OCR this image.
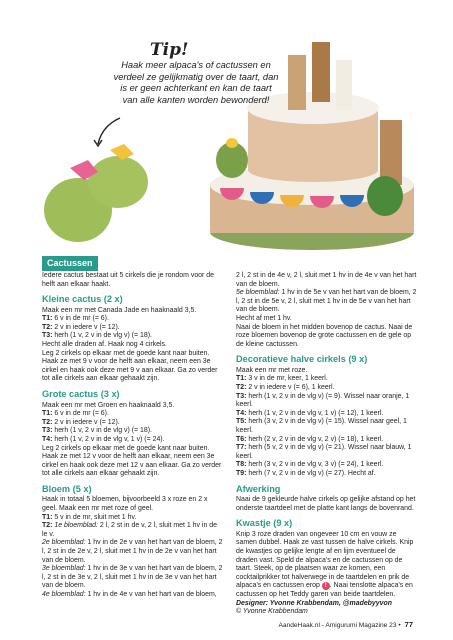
Tip!
Haak meer alpaca's of cactussen en verdeel ze gelijkmatig over de taart, dan is er geen achterkant en kan de taart van alle kanten worden bewonderd!
Cactussen

Iedere cactus bestaat uit 5 cirkels die je rondom voor de helft aan elkaar haakt.

Kleine cactus (2 x)

Maak een mr met Canada Jade en haaknaald 3,5.

T1: 6 v in de mr (= 6).

T2: 2 v in iedere v (= 12).

T3: herh (1 v, 2 v in de vlg v) (= 18).

Hecht alle draden af. Haak nog 4 cirkels.

Leg 2 cirkels op elkaar met de goede kant naar buiten. Haak ze met 9 v voor de helft aan elkaar, neem een 3e cirkel en haak ook deze met 9 v aan elkaar. Ga zo verder tot alle cirkels aan elkaar gehaakt zijn.

Grote cactus (3 x)

Maak een mr met Groen en haaknaald 3,5.

T1: 6 v in de mr (= 6).

T2: 2 v in iedere v (= 12).

T3: herh (1 v, 2 v in de vlg v) (= 18).

T4: herh (1 v, 2 v in de vlg v, 1 v) (= 24).

Leg 2 cirkels op elkaar met de goede kant naar buiten. Haak ze met 12 v voor de helft aan elkaar, neem een 3e cirkel en haak ook deze met 12 v aan elkaar. Ga zo verder tot alle cirkels aan elkaar gehaakt zijn.

Bloem (5 x)

Haak in totaal 5 bloemen, bijvoorbeeld 3 x roze en 2 x geel. Maak een mr met roze of geel.

T1: 5 v in de mr, sluit met 1 hv.

T2: 1e bloemblad: 2 l, 2 st in de v, 2 l, sluit met 1 hv in de le v.

2e bloemblad: 1 hv in de 2e v van het hart van de bloem, 2 l, 2 st in de 2e v, 2 l, sluit met 1 hv in de 2e v van het hart van de bloem.

3e bloemblad: 1 hv in de 3e v van het hart van de bloem, 2 l, 2 st in de 3e v, 2 l, sluit met 1 hv in de 3e v van het hart van de bloem.

4e bloemblad: 1 hv in de 4e v van het hart van de bloem,

2 l, 2 st in de 4e v, 2 l, sluit met 1 hv in de 4e v van het hart van de bloem.

5e bloemblad: 1 hv in de 5e v van het hart van de bloem, 2 l, 2 st in de 5e v, 2 l, sluit met 1 hv in de 5e v van het hart van de bloem.

Hecht af met 1 hv.

Naai de bloem in het midden bovenop de cactus. Naai de roze bloemen bovenop de grote cactussen en de gele op de kleine cactussen.

Decoratieve halve cirkels (9 x)

Maak een mr met roze.

T1: 3 v in de mr, keer, 1 keerl.

T2: 2 v in iedere v (= 6), 1 keerl.

T3: herh (1 v, 2 v in de vlg v) (= 9). Wissel naar oranje, 1 keerl.

T4: herh (1 v, 2 v in de vlg v, 1 v) (= 12), 1 keerl.

T5: herh (3 v, 2 v in de vlg v) (= 15). Wissel naar geel, 1 keerl.

T6: herh (2 v, 2 v in de vlg v, 2 v) (= 18), 1 keerl.

T7: herh (5 v, 2 v in de vlg v) (= 21). Wissel naar blauw, 1 keerl.

T8: herh (3 v, 2 v in de vlg v, 3 v) (= 24), 1 keerl.

T9: herh (7 v, 2 v in de vlg v) (= 27). Hecht af.

Afwerking

Naai de 9 gekleurde halve cirkels op gelijke afstand op het onderste taartdeel met de platte kant langs de bovenrand.

Kwastje (9 x)

Knip 3 roze draden van ongeveer 10 cm en vouw ze samen dubbel. Haak ze vast tussen de halve cirkels. Knip de kwastjes op gelijke lengte af en lijm eventueel de draden vast. Speld de alpaca's en de cactussen op de taart. Steek, op de plaatsen waar ze komen, een cocktailprikker tot halverwege in de taartdelen en prik de alpaca's en cactussen erop ! . Naai tenslotte alpaca's en cactussen op het Teddy garen van beide taartdelen.

Designer: Yvonne Krabbendam, @madebyyvon

© Yvonne Krabbendam

AandeHaak.nl - Amigurumi Magazine 23 • 77
